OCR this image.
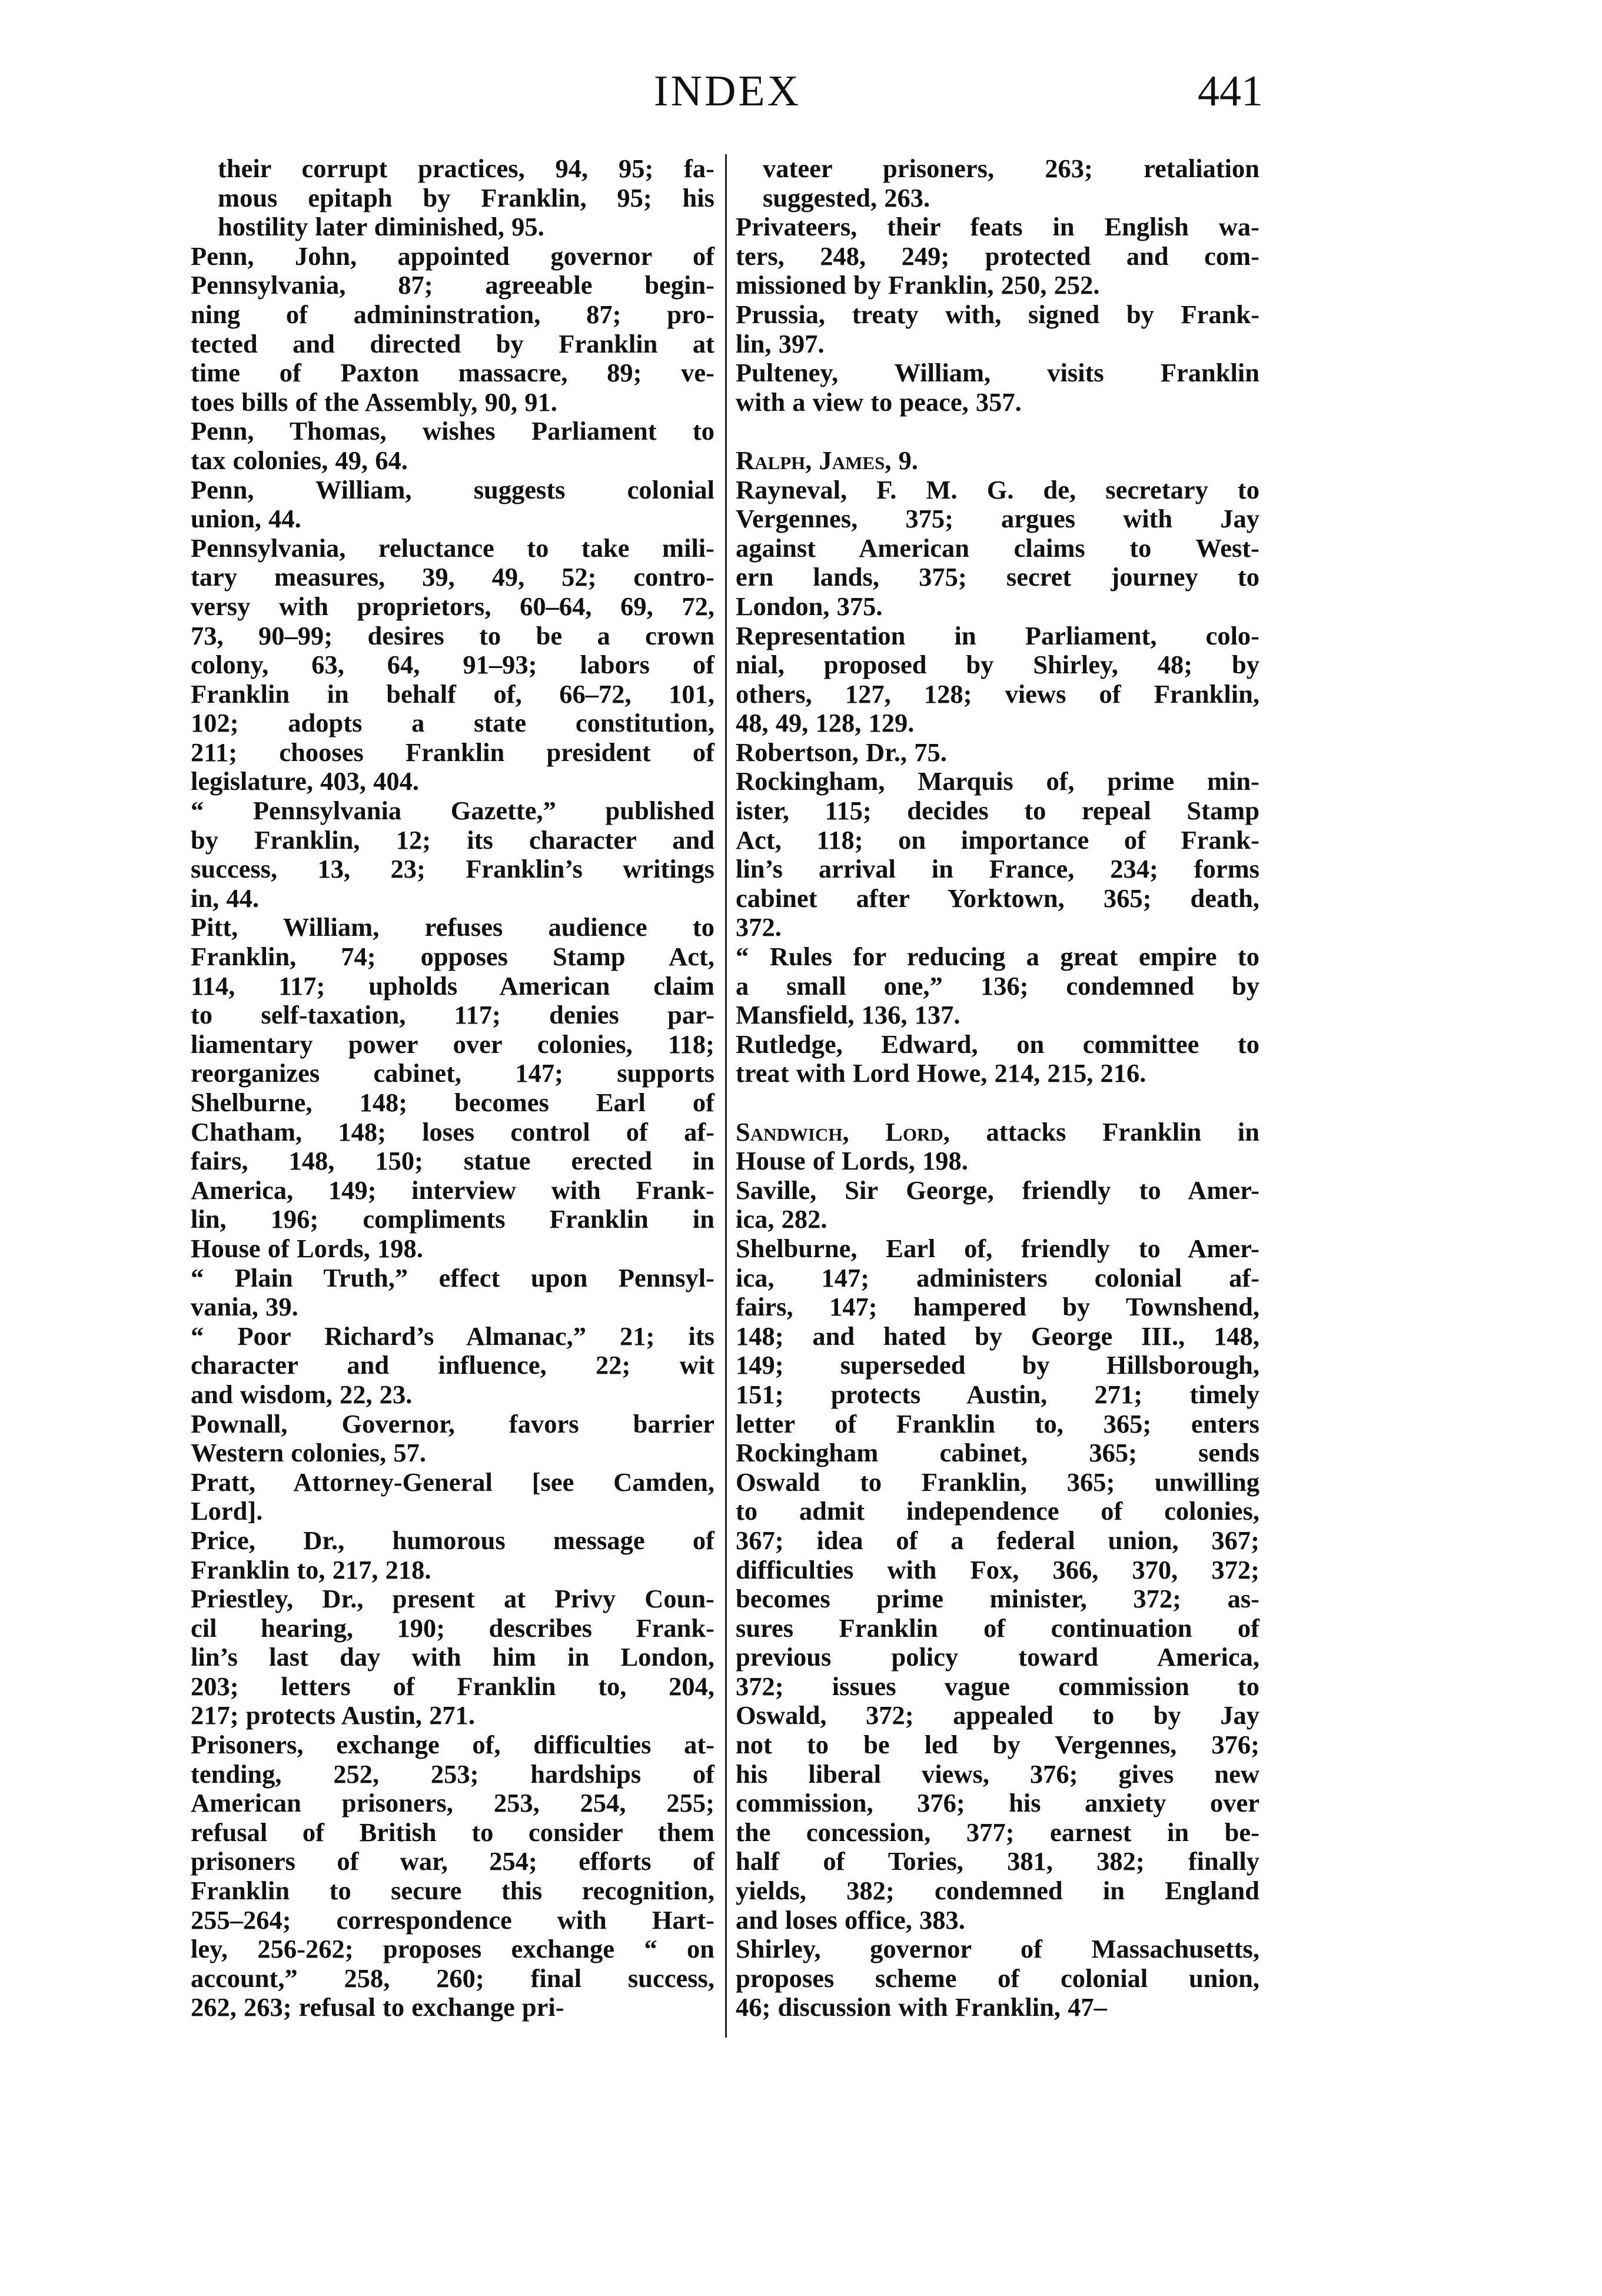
INDEX	441

their corrupt practices, 94, 95; fa-
mous epitaph by Franklin, 95; his
hostility later diminished, 95.

Penn, John, appointed governor of
Pennsylvania, 87; agreeable begin-
ning of admininstration, 87; pro-
tected and directed by Franklin at
time of Paxton massacre, 89; ve-
toes bills of the Assembly, 90, 91.

Penn, Thomas, wishes Parliament to
tax colonies, 49, 64.

Penn, William, suggests colonial
union, 44.

Pennsylvania, reluctance to take mili-
tary measures, 39, 49, 52; contro-
versy with proprietors, 60–64, 69, 72,
73, 90–99; desires to be a crown
colony, 63, 64, 91–93; labors of
Franklin in behalf of, 66–72, 101,
102; adopts a state constitution,
211; chooses Franklin president of
legislature, 403, 404.

“ Pennsylvania Gazette,” published
by Franklin, 12; its character and
success, 13, 23; Franklin’s writings
in, 44.

Pitt, William, refuses audience to
Franklin, 74; opposes Stamp Act,
114, 117; upholds American claim
to self-taxation, 117; denies par-
liamentary power over colonies, 118;
reorganizes cabinet, 147; supports
Shelburne, 148; becomes Earl of
Chatham, 148; loses control of af-
fairs, 148, 150; statue erected in
America, 149; interview with Frank-
lin, 196; compliments Franklin in
House of Lords, 198.

“ Plain Truth,” effect upon Pennsyl-
vania, 39.

“ Poor Richard’s Almanac,” 21; its
character and influence, 22; wit
and wisdom, 22, 23.

Pownall, Governor, favors barrier
Western colonies, 57.

Pratt, Attorney-General [see Camden,
Lord].

Price, Dr., humorous message of
Franklin to, 217, 218.

Priestley, Dr., present at Privy Coun-
cil hearing, 190; describes Frank-
lin’s last day with him in London,
203; letters of Franklin to, 204,
217; protects Austin, 271.

Prisoners, exchange of, difficulties at-
tending, 252, 253; hardships of
American prisoners, 253, 254, 255;
refusal of British to consider them
prisoners of war, 254; efforts of
Franklin to secure this recognition,
255–264; correspondence with Hart-
ley, 256-262; proposes exchange “ on
account,” 258, 260; final success,
262, 263; refusal to exchange pri-

vateer prisoners, 263; retaliation
suggested, 263.

Privateers, their feats in English wa-
ters, 248, 249; protected and com-
missioned by Franklin, 250, 252.

Prussia, treaty with, signed by Frank-
lin, 397.

Pulteney, William, visits Franklin
with a view to peace, 357.

Ralph, James, 9.

Rayneval, F. M. G. de, secretary to
Vergennes, 375; argues with Jay
against American claims to West-
ern lands, 375; secret journey to
London, 375.

Representation in Parliament, colo-
nial, proposed by Shirley, 48; by
others, 127, 128; views of Franklin,
48, 49, 128, 129.

Robertson, Dr., 75.

Rockingham, Marquis of, prime min-
ister, 115; decides to repeal Stamp
Act, 118; on importance of Frank-
lin’s arrival in France, 234; forms
cabinet after Yorktown, 365; death,
372.

“ Rules for reducing a great empire to
a small one,” 136; condemned by
Mansfield, 136, 137.

Rutledge, Edward, on committee to
treat with Lord Howe, 214, 215, 216.

Sandwich, Lord, attacks Franklin in
House of Lords, 198.

Saville, Sir George, friendly to Amer-
ica, 282.

Shelburne, Earl of, friendly to Amer-
ica, 147; administers colonial af-
fairs, 147; hampered by Townshend,
148; and hated by George III., 148,
149; superseded by Hillsborough,
151; protects Austin, 271; timely
letter of Franklin to, 365; enters
Rockingham cabinet, 365; sends
Oswald to Franklin, 365; unwilling
to admit independence of colonies,
367; idea of a federal union, 367;
difficulties with Fox, 366, 370, 372;
becomes prime minister, 372; as-
sures Franklin of continuation of
previous policy toward America,
372; issues vague commission to
Oswald, 372; appealed to by Jay
not to be led by Vergennes, 376;
his liberal views, 376; gives new
commission, 376; his anxiety over
the concession, 377; earnest in be-
half of Tories, 381, 382; finally
yields, 382; condemned in England
and loses office, 383.

Shirley, governor of Massachusetts,
proposes scheme of colonial union,
46; discussion with Franklin, 47–
